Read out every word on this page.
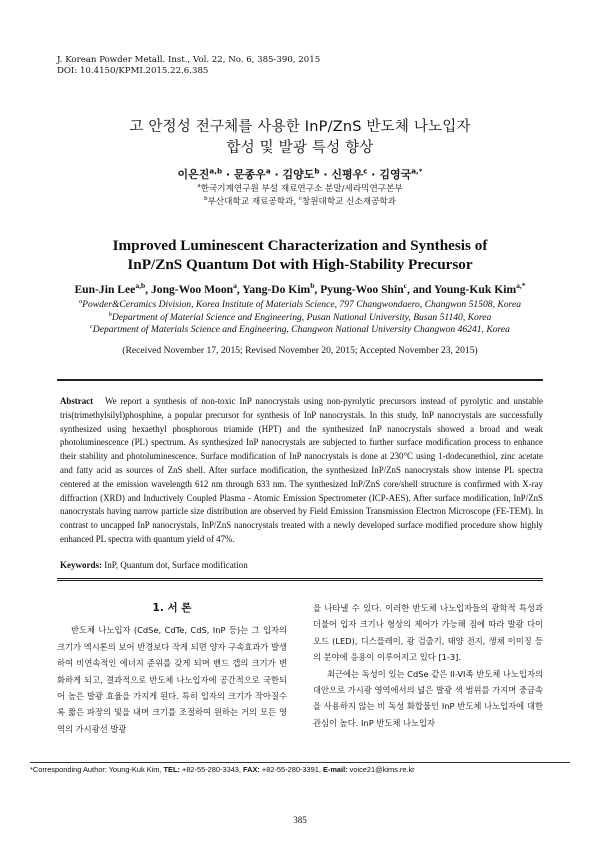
J. Korean Powder Metall. Inst., Vol. 22, No. 6, 385-390, 2015
DOI: 10.4150/KPMI.2015.22.6.385
고 안정성 전구체를 사용한 InP/ZnS 반도체 나노입자
합성 및 발광 특성 향상
이은진$^{a,b}$ · 문종우$^a$ · 김양도$^b$ · 신평우$^c$ · 김영국$^{a,*}$
$^a$한국기계연구원 부설 재료연구소 분말/세라믹연구본부
$^b$부산대학교 재료공학과, $^c$창원대학교 신소재공학과
Improved Luminescent Characterization and Synthesis of
InP/ZnS Quantum Dot with High-Stability Precursor
Eun-Jin Lee$^{a,b}$, Jong-Woo Moon$^a$, Yang-Do Kim$^b$, Pyung-Woo Shin$^c$, and Young-Kuk Kim$^{a,*}$
$^a$Powder&Ceramics Division, Korea Institute of Materials Science, 797 Changwondaero, Changwon 51508, Korea
$^b$Department of Material Science and Engineering, Pusan National University, Busan 51140, Korea
$^c$Department of Materials Science and Engineering, Changwon National University Changwon 46241, Korea
(Received November 17, 2015; Revised November 20, 2015; Accepted November 23, 2015)
Abstract We report a synthesis of non-toxic InP nanocrystals using non-pyrolytic precursors instead of pyrolytic and unstable tris(trimethylsilyl)phosphine, a popular precursor for synthesis of InP nanocrystals. In this study, InP nanocrystals are successfully synthesized using hexaethyl phosphorous triamide (HPT) and the synthesized InP nanocrystals showed a broad and weak photoluminescence (PL) spectrum. As synthesized InP nanocrystals are subjected to further surface modification process to enhance their stability and photoluminescence. Surface modification of InP nanocrystals is done at 230°C using 1-dodecanethiol, zinc acetate and fatty acid as sources of ZnS shell. After surface modification, the synthesized InP/ZnS nanocrystals show intense PL spectra centered at the emission wavelength 612 nm through 633 nm. The synthesized InP/ZnS core/shell structure is confirmed with X-ray diffraction (XRD) and Inductively Coupled Plasma - Atomic Emission Spectrometer (ICP-AES). After surface modification, InP/ZnS nanocrystals having narrow particle size distribution are observed by Field Emission Transmission Electron Microscope (FE-TEM). In contrast to uncapped InP nanocrystals, InP/ZnS nanocrystals treated with a newly developed surface modified procedure show highly enhanced PL spectra with quantum yield of 47%.
Keywords: InP, Quantum dot, Surface modification
1. 서 론

반도체 나노입자 (CdSe, CdTe, CdS, InP 등)는 그 입자의 크기가 엑시톤의 보어 반경보다 작게 되면 양자 구속효과가 발생하여 비연속적인 에너지 준위를 갖게 되며 밴드 갭의 크기가 변화하게 되고, 결과적으로 반도체 나노입자에 공간적으로 국한되어 높은 발광 효율을 가지게 된다. 특히 입자의 크기가 작아질수록 짧은 파장의 빛을 내며 크기를 조절하여 원하는 거의 모든 영역의 가시광선 발광

을 나타낼 수 있다. 이러한 반도체 나노입자들의 광학적 특성과 더불어 입자 크기나 형상의 제어가 가능해 짐에 따라 발광 다이오드 (LED), 디스플레이, 광 검출기, 태양 전지, 생체 이미징 등의 분야에 응용이 이루어지고 있다 [1-3].

최근에는 독성이 있는 CdSe 같은 II-VI족 반도체 나노입자의 대안으로 가시광 영역에서의 넓은 발광 색 범위를 가지며 중금속을 사용하지 않는 비 독성 화합물인 InP 반도체 나노입자에 대한 관심이 높다. InP 반도체 나노입자

*Corresponding Author: Young-Kuk Kim, TEL: +82-55-280-3343, FAX: +82-55-280-3391, E-mail: voice21@kims.re.kr
385
